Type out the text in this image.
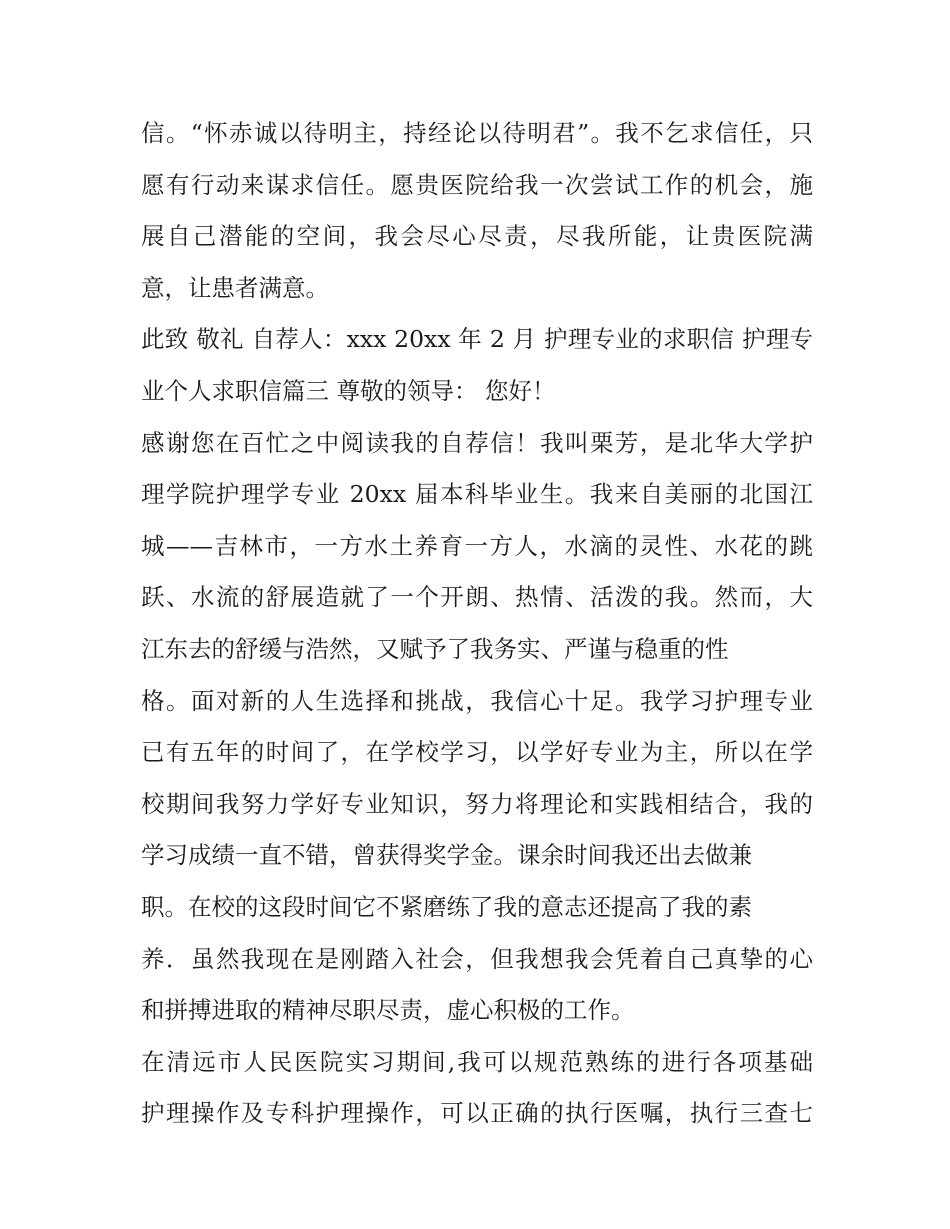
信。“怀赤诚以待明主，持经论以待明君”。我不乞求信任，只
愿有行动来谋求信任。愿贵医院给我一次尝试工作的机会，施
展自己潜能的空间，我会尽心尽责，尽我所能，让贵医院满
意，让患者满意。
此致 敬礼 自荐人：xxx 20xx 年 2 月 护理专业的求职信 护理专
业个人求职信篇三 尊敬的领导： 您好！
感谢您在百忙之中阅读我的自荐信！我叫栗芳，是北华大学护
理学院护理学专业 20xx 届本科毕业生。我来自美丽的北国江
城——吉林市，一方水土养育一方人，水滴的灵性、水花的跳
跃、水流的舒展造就了一个开朗、热情、活泼的我。然而，大
江东去的舒缓与浩然，又赋予了我务实、严谨与稳重的性
格。面对新的人生选择和挑战，我信心十足。我学习护理专业
已有五年的时间了，在学校学习，以学好专业为主，所以在学
校期间我努力学好专业知识，努力将理论和实践相结合，我的
学习成绩一直不错，曾获得奖学金。课余时间我还出去做兼
职。在校的这段时间它不紧磨练了我的意志还提高了我的素
养．虽然我现在是刚踏入社会，但我想我会凭着自己真挚的心
和拼搏进取的精神尽职尽责，虚心积极的工作。
在清远市人民医院实习期间,我可以规范熟练的进行各项基础
护理操作及专科护理操作，可以正确的执行医嘱，执行三查七
